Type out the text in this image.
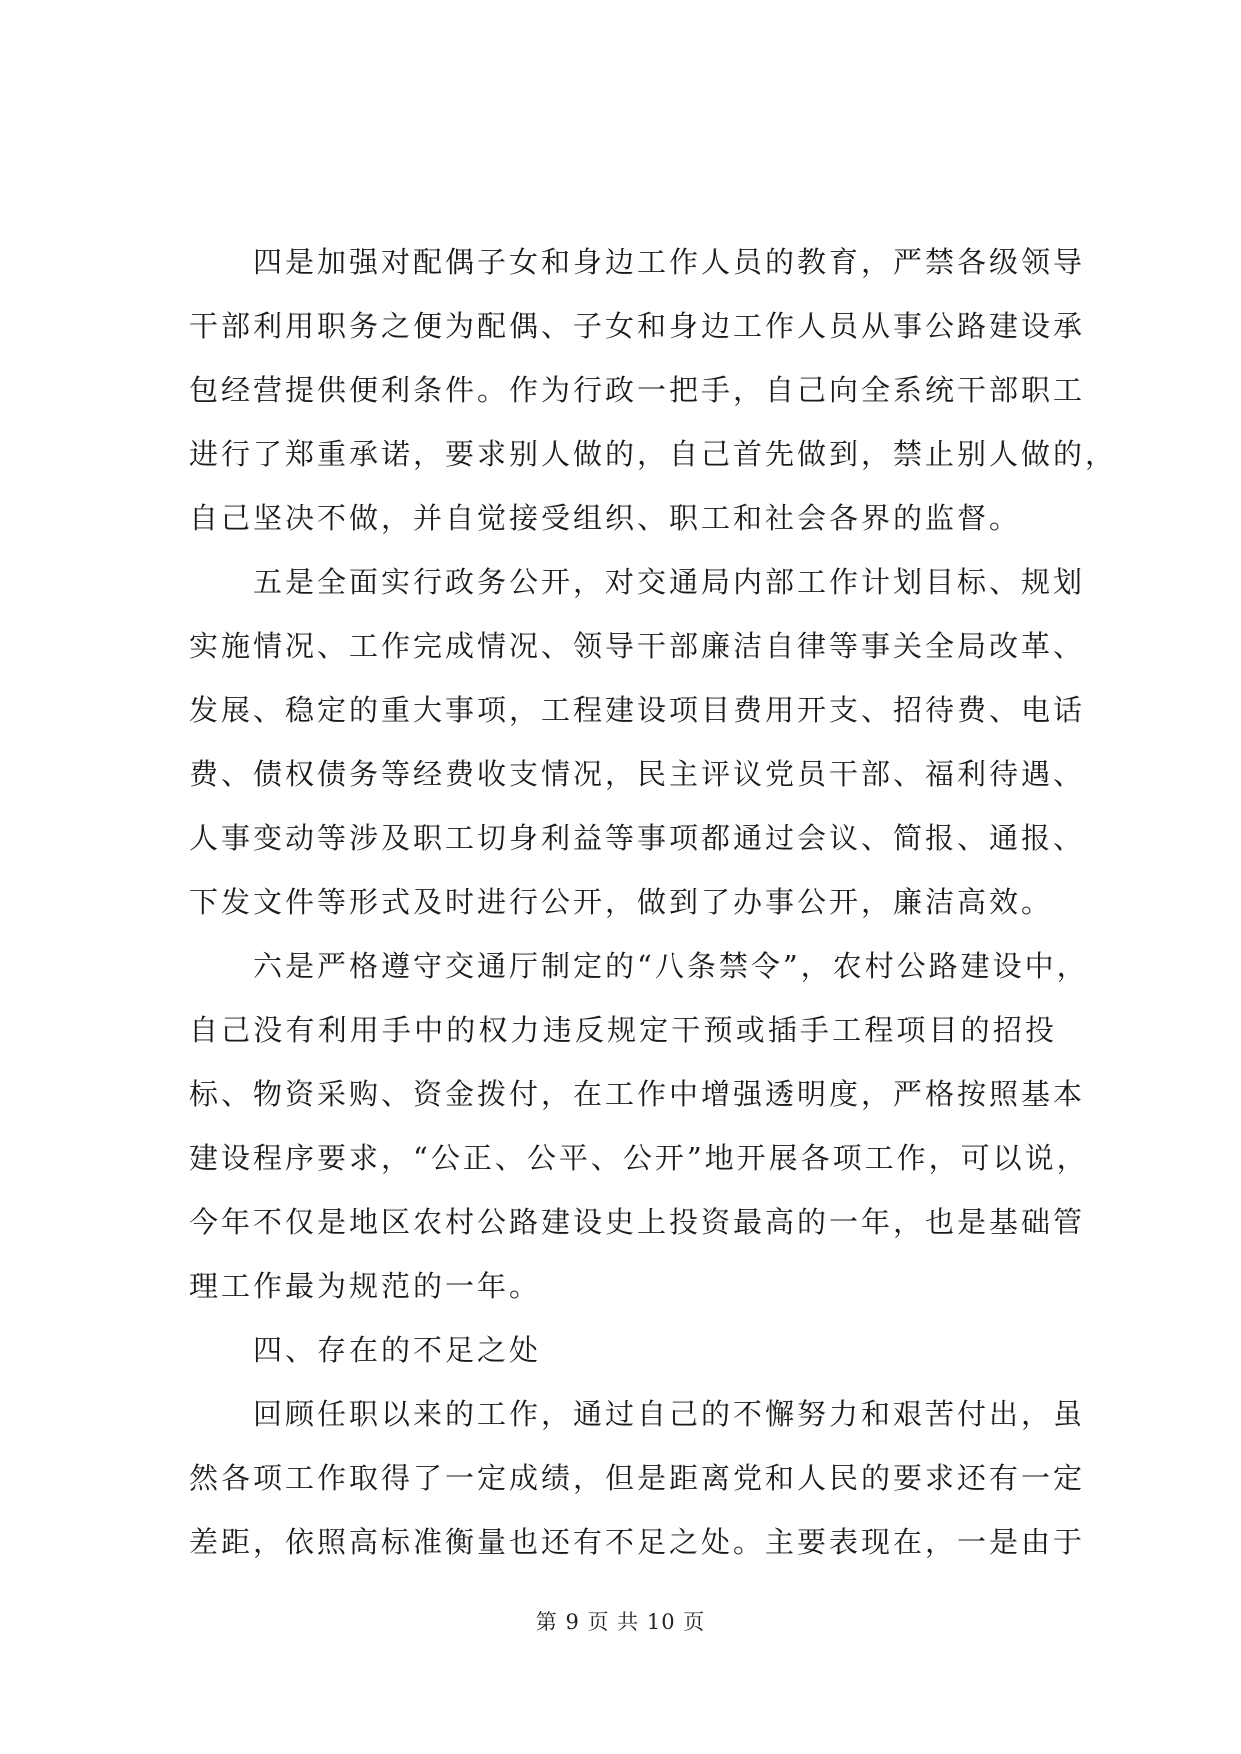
　　四是加强对配偶子女和身边工作人员的教育，严禁各级领导
干部利用职务之便为配偶、子女和身边工作人员从事公路建设承
包经营提供便利条件。作为行政一把手，自己向全系统干部职工
进行了郑重承诺，要求别人做的，自己首先做到，禁止别人做的，
自己坚决不做，并自觉接受组织、职工和社会各界的监督。
　　五是全面实行政务公开，对交通局内部工作计划目标、规划
实施情况、工作完成情况、领导干部廉洁自律等事关全局改革、
发展、稳定的重大事项，工程建设项目费用开支、招待费、电话
费、债权债务等经费收支情况，民主评议党员干部、福利待遇、
人事变动等涉及职工切身利益等事项都通过会议、简报、通报、
下发文件等形式及时进行公开，做到了办事公开，廉洁高效。
　　六是严格遵守交通厅制定的“八条禁令”，农村公路建设中，
自己没有利用手中的权力违反规定干预或插手工程项目的招投
标、物资采购、资金拨付，在工作中增强透明度，严格按照基本
建设程序要求，“公正、公平、公开”地开展各项工作，可以说，
今年不仅是地区农村公路建设史上投资最高的一年，也是基础管
理工作最为规范的一年。
　　四、存在的不足之处
　　回顾任职以来的工作，通过自己的不懈努力和艰苦付出，虽
然各项工作取得了一定成绩，但是距离党和人民的要求还有一定
差距，依照高标准衡量也还有不足之处。主要表现在，一是由于
第 9 页 共 10 页
